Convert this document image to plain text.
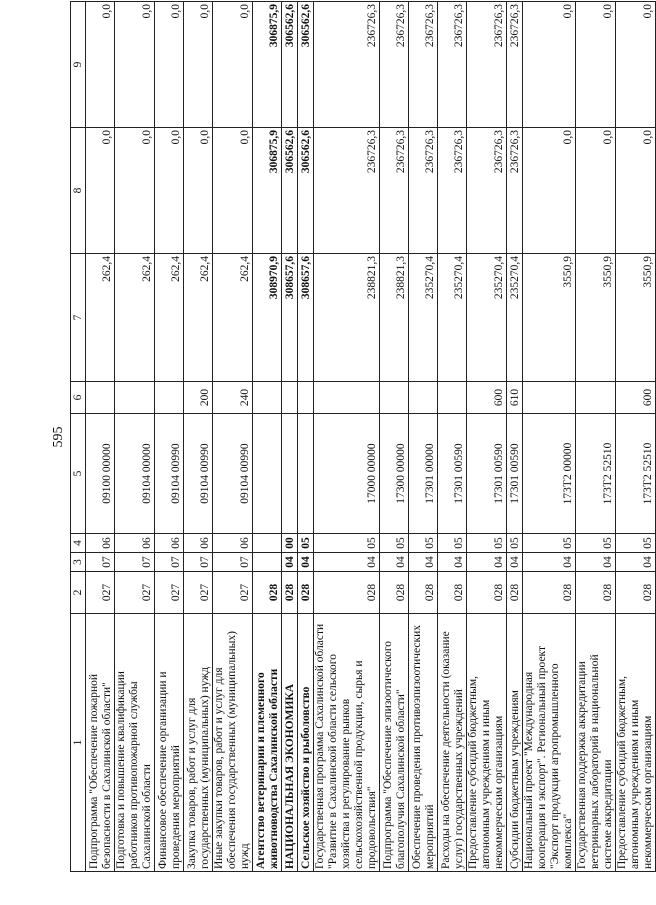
595
1	2	3	4	5	6	7	8	9
Подпрограмма "Обеспечение пожарной безопасности в Сахалинской области"	027	07	06	09100 00000		262,4	0,0	0,0
Подготовка и повышение квалификации работников противопожарной службы Сахалинской области	027	07	06	09104 00000		262,4	0,0	0,0
Финансовое обеспечение организации и проведения мероприятий	027	07	06	09104 00990		262,4	0,0	0,0
Закупка товаров, работ и услуг для государственных (муниципальных) нужд	027	07	06	09104 00990	200	262,4	0,0	0,0
Иные закупки товаров, работ и услуг для обеспечения государственных (муниципальных) нужд	027	07	06	09104 00990	240	262,4	0,0	0,0
Агентство ветеринарии и племенного животноводства Сахалинской области	028					308970,9	306875,9	306875,9
НАЦИОНАЛЬНАЯ ЭКОНОМИКА	028	04	00			308657,6	306562,6	306562,6
Сельское хозяйство и рыболовство	028	04	05			308657,6	306562,6	306562,6
Государственная программа Сахалинской области "Развитие в Сахалинской области сельского хозяйства и регулирование рынков сельскохозяйственной продукции, сырья и продовольствия"	028	04	05	17000 00000		238821,3	236726,3	236726,3
Подпрограмма "Обеспечение эпизоотического благополучия Сахалинской области"	028	04	05	17300 00000		238821,3	236726,3	236726,3
Обеспечение проведения противоэпизоотических мероприятий	028	04	05	17301 00000		235270,4	236726,3	236726,3
Расходы на обеспечение деятельности (оказание услуг) государственных учреждений	028	04	05	17301 00590		235270,4	236726,3	236726,3
Предоставление субсидий бюджетным, автономным учреждениям и иным некоммерческим организациям	028	04	05	17301 00590	600	235270,4	236726,3	236726,3
Субсидии бюджетным учреждениям	028	04	05	17301 00590	610	235270,4	236726,3	236726,3
Национальный проект "Международная кооперация и экспорт". Региональный проект "Экспорт продукции агропромышленного комплекса"	028	04	05	173Т2 00000		3550,9	0,0	0,0
Государственная поддержка аккредитации ветеринарных лабораторий в национальной системе аккредитации	028	04	05	173Т2 52510		3550,9	0,0	0,0
Предоставление субсидий бюджетным, автономным учреждениям и иным некоммерческим организациям	028	04	05	173Т2 52510	600	3550,9	0,0	0,0
